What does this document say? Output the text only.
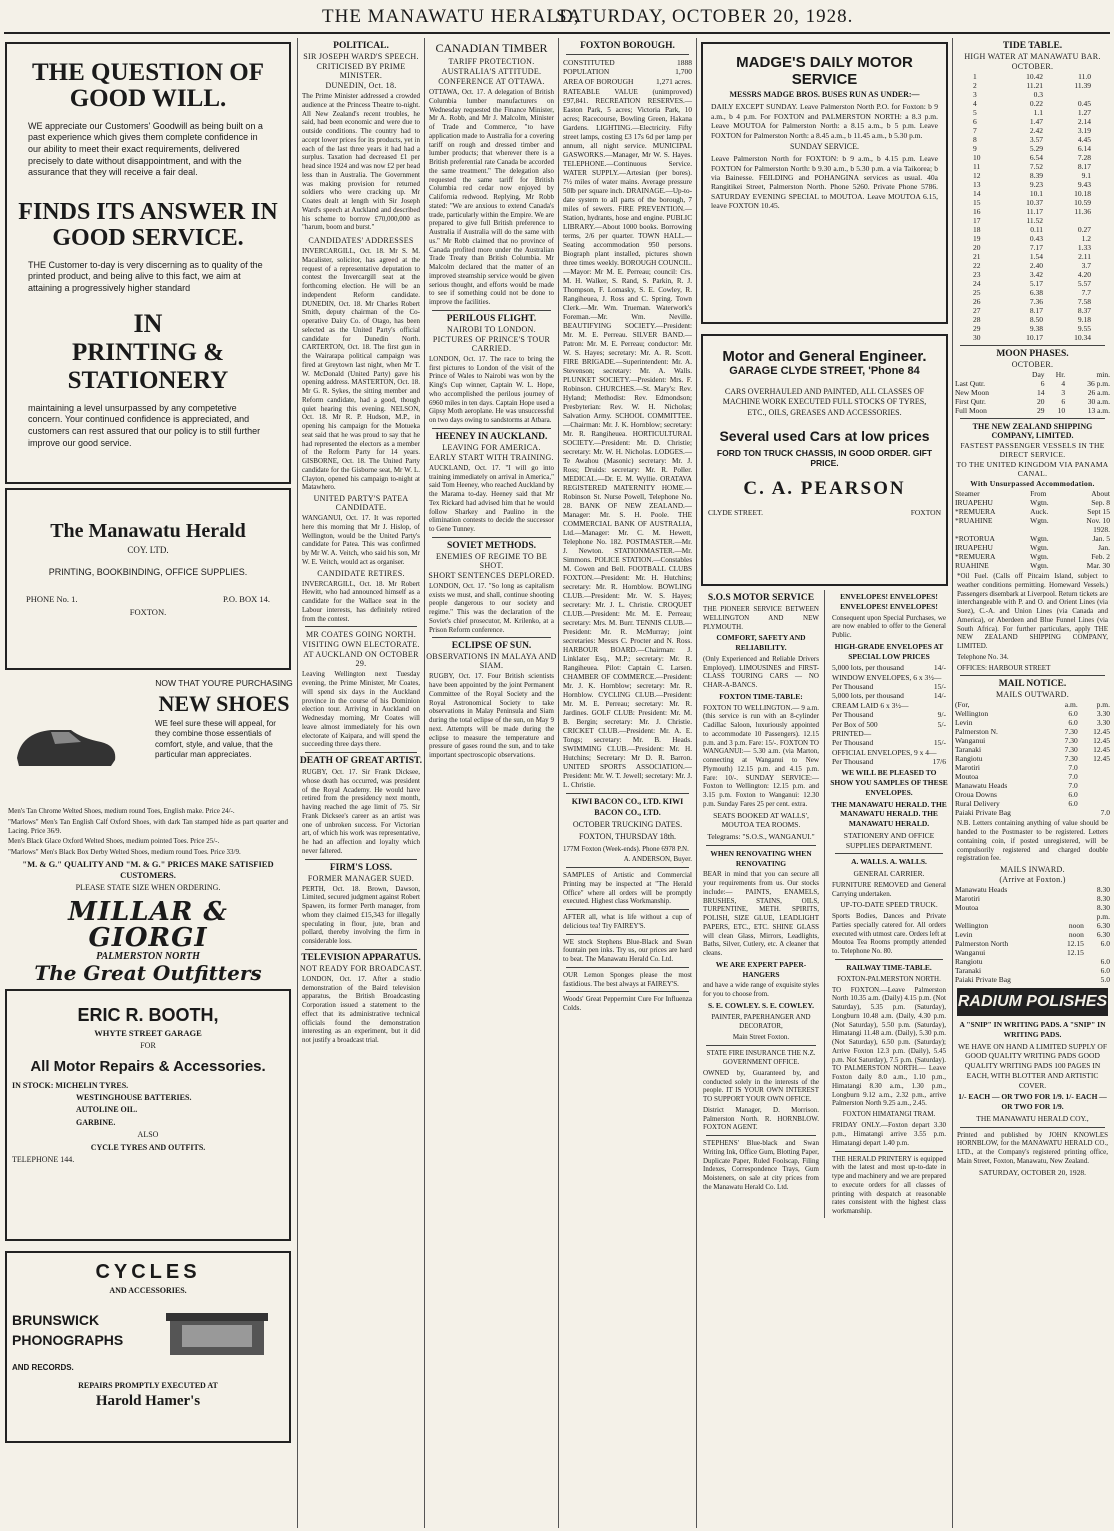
THE MANAWATU HERALD,
SATURDAY, OCTOBER 20, 1928.
THE QUESTION OF GOOD WILL.
WE appreciate our Customers' Goodwill as being built on a past experience which gives them complete confidence in our ability to meet their exact requirements, delivered precisely to date without disappointment, and with the assurance that they will receive a fair deal.
FINDS ITS ANSWER IN GOOD SERVICE.
THE Customer to-day is very discerning as to quality of the printed product, and being alive to this fact, we aim at attaining a progressively higher standard
IN
PRINTING & STATIONERY
maintaining a level unsurpassed by any competetive concern. Your continued confidence is appreciated, and customers can rest assured that our policy is to still further improve our good service.
The Manawatu Herald
COY. LTD.
PRINTING, BOOKBINDING, OFFICE SUPPLIES.
PHONE No. 1.	P.O. BOX 14.
FOXTON.
NOW THAT YOU'RE PURCHASING
NEW SHOES
WE feel sure these will appeal, for they combine those essentials of comfort, style, and value, that the particular man appreciates.
Men's Tan Chrome Welted Shoes, medium round Toes, English make. Price 24/-.
"Marlows" Men's Tan English Calf Oxford Shoes, with dark Tan stamped hide as part quarter and Lacing. Price 36/9.
Men's Black Glace Oxford Welted Shoes, medium pointed Toes. Price 25/-.
"Marlows" Men's Black Box Derby Welted Shoes, medium round Toes. Price 33/9.
"M. & G." QUALITY AND "M. & G." PRICES MAKE SATISFIED CUSTOMERS.
PLEASE STATE SIZE WHEN ORDERING.
MILLAR & GIORGI
PALMERSTON NORTH
The Great Outfitters
ERIC R. BOOTH,
WHYTE STREET GARAGE
FOR
All Motor Repairs & Accessories.
IN STOCK: MICHELIN TYRES.
WESTINGHOUSE BATTERIES.
AUTOLINE OIL.
GARBINE.
ALSO
CYCLE TYRES AND OUTFITS.
TELEPHONE 144.
CYCLES
AND ACCESSORIES.
BRUNSWICK PHONOGRAPHS
AND RECORDS.
REPAIRS PROMPTLY EXECUTED AT
Harold Hamer's
POLITICAL.
SIR JOSEPH WARD'S SPEECH.
CRITICISED BY PRIME MINISTER.
DUNEDIN, Oct. 18.
The Prime Minister addressed a crowded audience at the Princess Theatre to-night. All New Zealand's recent troubles, he said, had been economic and were due to outside conditions. The country had to accept lower prices for its products, yet in each of the last three years it had had a surplus. Taxation had decreased £1 per head since 1924 and was now £2 per head less than in Australia. The Government was making provision for returned soldiers who were cracking up. Mr Coates dealt at length with Sir Joseph Ward's speech at Auckland and described his scheme to borrow £70,000,000 as "harum, boom and burst."
CANDIDATES' ADDRESSES
INVERCARGILL, Oct. 18. Mr S. M. Macalister, solicitor, has agreed at the request of a representative deputation to contest the Invercargill seat at the forthcoming election. He will be an independent Reform candidate. DUNEDIN, Oct. 18. Mr Charles Robert Smith, deputy chairman of the Co-operative Dairy Co. of Otago, has been selected as the United Party's official candidate for Dunedin North. CARTERTON, Oct. 18. The first gun in the Wairarapa political campaign was fired at Greytown last night, when Mr T. W. McDonald (United Party) gave his opening address. MASTERTON, Oct. 18. Mr G. R. Sykes, the sitting member and Reform candidate, had a good, though quiet hearing this evening. NELSON, Oct. 18. Mr R. P. Hudson, M.P., in opening his campaign for the Motueka seat said that he was proud to say that he had represented the electors as a member of the Reform Party for 14 years. GISBORNE, Oct. 18. The United Party candidate for the Gisborne seat, Mr W. L. Clayton, opened his campaign to-night at Matawhero.
UNITED PARTY'S PATEA CANDIDATE.
WANGANUI, Oct. 17. It was reported here this morning that Mr J. Hislop, of Wellington, would be the United Party's candidate for Patea. This was confirmed by Mr W. A. Veitch, who said his son, Mr W. E. Veitch, would act as organiser.
CANDIDATE RETIRES.
INVERCARGILL, Oct. 18. Mr Robert Hewitt, who had announced himself as a candidate for the Wallace seat in the Labour interests, has definitely retired from the contest.
MR COATES GOING NORTH.
VISITING OWN ELECTORATE.
AT AUCKLAND ON OCTOBER 29.
Leaving Wellington next Tuesday evening, the Prime Minister, Mr Coates, will spend six days in the Auckland province in the course of his Dominion election tour. Arriving in Auckland on Wednesday morning, Mr Coates will leave almost immediately for his own electorate of Kaipara, and will spend the succeeding three days there.
DEATH OF GREAT ARTIST.
RUGBY, Oct. 17. Sir Frank Dicksee, whose death has occurred, was president of the Royal Academy. He would have retired from the presidency next month, having reached the age limit of 75. Sir Frank Dicksee's career as an artist was one of unbroken success. For Victorian art, of which his work was representative, he had an affection and loyalty which never faltered.
FIRM'S LOSS.
FORMER MANAGER SUED.
PERTH, Oct. 18. Brown, Dawson, Limited, secured judgment against Robert Spawen, its former Perth manager, from whom they claimed £15,343 for illegally speculating in flour, jute, bran and pollard, thereby involving the firm in considerable loss.
TELEVISION APPARATUS.
NOT READY FOR BROADCAST.
LONDON, Oct. 17. After a studio demonstration of the Baird television apparatus, the British Broadcasting Corporation issued a statement to the effect that its administrative technical officials found the demonstration interesting as an experiment, but it did not justify a broadcast trial.
CANADIAN TIMBER
TARIFF PROTECTION.
AUSTRALIA'S ATTITUDE.
CONFERENCE AT OTTAWA.
OTTAWA, Oct. 17. A delegation of British Columbia lumber manufacturers on Wednesday requested the Finance Minister, Mr A. Robb, and Mr J. Malcolm, Minister of Trade and Commerce, "to have application made to Australia for a covering tariff on rough and dressed timber and lumber products; that wherever there is a British preferential rate Canada be accorded the same treatment." The delegation also requested the same tariff for British Columbia red cedar now enjoyed by California redwood. Replying, Mr Robb stated: "We are anxious to extend Canada's trade, particularly within the Empire. We are prepared to give full British preference to Australia if Australia will do the same with us." Mr Robb claimed that no province of Canada profited more under the Australian Trade Treaty than British Columbia. Mr Malcolm declared that the matter of an improved steamship service would be given serious thought, and efforts would be made to see if something could not be done to improve the facilities.
PERILOUS FLIGHT.
NAIROBI TO LONDON.
PICTURES OF PRINCE'S TOUR CARRIED.
LONDON, Oct. 17. The race to bring the first pictures to London of the visit of the Prince of Wales to Nairobi was won by the King's Cup winner, Captain W. L. Hope, who accomplished the perilous journey of 6960 miles in ten days. Captain Hope used a Gipsy Moth aeroplane. He was unsuccessful on two days owing to sandstorms at Atbara.
HEENEY IN AUCKLAND.
LEAVING FOR AMERICA.
EARLY START WITH TRAINING.
AUCKLAND, Oct. 17. "I will go into training immediately on arrival in America," said Tom Heeney, who reached Auckland by the Marama to-day. Heeney said that Mr Tex Rickard had advised him that he would follow Sharkey and Paulino in the elimination contests to decide the successor to Gene Tunney.
SOVIET METHODS.
ENEMIES OF REGIME TO BE SHOT.
SHORT SENTENCES DEPLORED.
LONDON, Oct. 17. "So long as capitalism exists we must, and shall, continue shooting people dangerous to our society and regime." This was the declaration of the Soviet's chief prosecutor, M. Krilenko, at a Prison Reform conference.
ECLIPSE OF SUN.
OBSERVATIONS IN MALAYA AND SIAM.
RUGBY, Oct. 17. Four British scientists have been appointed by the joint Permanent Committee of the Royal Society and the Royal Astronomical Society to take observations in Malay Peninsula and Siam during the total eclipse of the sun, on May 9 next. Attempts will be made during the eclipse to measure the temperature and pressure of gases round the sun, and to take important spectroscopic observations.
FOXTON BOROUGH.
CONSTITUTED	1888
POPULATION	1,700
AREA OF BOROUGH	1,271 acres.
RATEABLE VALUE (unimproved) £97,841. RECREATION RESERVES.—Easton Park, 5 acres; Victoria Park, 10 acres; Racecourse, Bowling Green, Hakana Gardens. LIGHTING.—Electricity. Fifty street lamps, costing £3 17s 6d per lamp per annum, all night service. MUNICIPAL GASWORKS.—Manager, Mr W. S. Hayes. TELEPHONE.—Continuous Service. WATER SUPPLY.—Artesian (per bores). 7½ miles of water mains. Average pressure 50lb per square inch. DRAINAGE.—Up-to-date system to all parts of the borough, 7 miles of sewers. FIRE PREVENTION.—Station, hydrants, hose and engine. PUBLIC LIBRARY.—About 1000 books. Borrowing terms, 2/6 per quarter. TOWN HALL.—Seating accommodation 950 persons. Biograph plant installed, pictures shown three times weekly. BOROUGH COUNCIL.—Mayor: Mr M. E. Perreau; council: Crs. M. H. Walker, S. Rand, S. Parkin, R. J. Thompson, F. Lomasky, S. E. Cowley, R. Rangiheuea, J. Ross and C. Spring. Town Clerk.—Mr. Wm. Trueman. Waterwork's Foreman.—Mr. Wm. Neville. BEAUTIFYING SOCIETY.—President: Mr. M. E. Perreau. SILVER BAND.—Patron: Mr. M. E. Perreau; conductor: Mr. W. S. Hayes; secretary: Mr. A. R. Scott. FIRE BRIGADE.—Superintendent: Mr. A. Stevenson; secretary: Mr. A. Walls. PLUNKET SOCIETY.—President: Mrs. F. Robinson. CHURCHES.—St. Mary's: Rev. Hyland; Methodist: Rev. Edmondson; Presbyterian: Rev. W. H. Nicholas; Salvation Army. SCHOOL COMMITTEE.—Chairman: Mr. J. K. Hornblow; secretary: Mr. R. Rangiheuea. HORTICULTURAL SOCIETY.—President: Mr. D. Christie; secretary: Mr. W. H. Nicholas. LODGES.—Te Awahou (Masonic) secretary: Mr. J. Ross; Druids: secretary: Mr. R. Poller. MEDICAL.—Dr. E. M. Wyllie. ORATAVA REGISTERED MATERNITY HOME.—Robinson St. Nurse Powell, Telephone No. 28. BANK OF NEW ZEALAND.—Manager: Mr. S. H. Poole. THE COMMERCIAL BANK OF AUSTRALIA, Ltd.—Manager: Mr. C. M. Hewett, Telephone No. 182. POSTMASTER.—Mr. J. Newton. STATIONMASTER.—Mr. Simmons. POLICE STATION.—Constables M. Cowen and Bell. FOOTBALL CLUBS FOXTON.—President: Mr. H. Hutchins; secretary: Mr. R. Hornblow. BOWLING CLUB.—President: Mr. W. S. Hayes; secretary: Mr. J. L. Christie. CROQUET CLUB.—President: Mr. M. E. Perreau; secretary: Mrs. M. Burr. TENNIS CLUB.—President: Mr. R. McMurray; joint secretaries: Messrs C. Procter and N. Ross. HARBOUR BOARD.—Chairman: J. Linklater Esq., M.P.; secretary: Mr. R. Rangiheuea. Pilot: Captain C. Larsen. CHAMBER OF COMMERCE.—President: Mr. J. K. Hornblow; secretary: Mr. R. Hornblow. CYCLING CLUB.—President: Mr. M. E. Perreau; secretary: Mr. R. Jardines. GOLF CLUB: President: Mr. M. B. Bergin; secretary: Mr. J. Christie. CRICKET CLUB.—President: Mr. A. E. Tongs; secretary: Mr. B. Heads. SWIMMING CLUB.—President: Mr. H. Hutchins; Secretary: Mr D. R. Barron. UNITED SPORTS ASSOCIATION.—President: Mr. W. T. Jewell; secretary: Mr. J. L. Christie.
KIWI BACON CO., LTD. KIWI BACON CO., LTD.
OCTOBER TRUCKING DATES.
FOXTON, THURSDAY 18th.
177M Foxton (Week-ends). Phone 6978 P.N.
A. ANDERSON, Buyer.
SAMPLES of Artistic and Commercial Printing may be inspected at "The Herald Office" where all orders will be promptly executed. Highest class Workmanship.
AFTER all, what is life without a cup of delicious tea! Try FAIREY'S.
WE stock Stephens Blue-Black and Swan fountain pen inks. Try us, our prices are hard to beat. The Manawatu Herald Co. Ltd.
OUR Lemon Sponges please the most fastidious. The best always at FAIREY'S.
Woods' Great Peppermint Cure For Influenza Colds.
MADGE'S DAILY MOTOR SERVICE
MESSRS MADGE BROS. BUSES RUN AS UNDER:—
DAILY EXCEPT SUNDAY. Leave Palmerston North P.O. for Foxton: b 9 a.m., b 4 p.m. For FOXTON and PALMERSTON NORTH: a 8.3 p.m. Leave MOUTOA for Palmerston North: a 8.15 a.m., b 5 p.m. Leave FOXTON for Palmerston North: a 8.45 a.m., b 11.45 a.m., b 5.30 p.m.
SUNDAY SERVICE.
Leave Palmerston North for FOXTON: b 9 a.m., b 4.15 p.m. Leave FOXTON for Palmerston North: b 9.30 a.m., b 5.30 p.m. a via Taikorea; b via Bainesse. FEILDING and POHANGINA services as usual. 40a Rangitikei Street, Palmerston North. Phone 5260. Private Phone 5786. SATURDAY EVENING SPECIAL to MOUTOA. Leave MOUTOA 6.15, leave FOXTON 10.45.
Motor and General Engineer.
GARAGE CLYDE STREET, 'Phone 84
CARS OVERHAULED AND PAINTED, ALL CLASSES OF MACHINE WORK EXECUTED FULL STOCKS OF TYRES, ETC., OILS, GREASES AND ACCESSORIES.
Several used Cars at low prices
FORD TON TRUCK CHASSIS, IN GOOD ORDER. GIFT PRICE.
C. A. PEARSON
CLYDE STREET.	FOXTON
S.O.S MOTOR SERVICE
THE PIONEER SERVICE BETWEEN WELLINGTON AND NEW PLYMOUTH.
COMFORT, SAFETY AND RELIABILITY.
(Only Experienced and Reliable Drivers Employed). LIMOUSINES and FIRST-CLASS TOURING CARS — NO CHAR-A-BANCS.
FOXTON TIME-TABLE:
FOXTON TO WELLINGTON.— 9 a.m. (this service is run with an 8-cylinder Cadillac Saloon, luxuriously appointed to accommodate 10 Passengers). 12.15 p.m. and 3 p.m. Fare: 15/-. FOXTON TO WANGANUI:— 5.30 a.m. (via Marton, connecting at Wanganui to New Plymouth) 12.15 p.m. and 4.15 p.m. Fare: 10/-. SUNDAY SERVICE:— Foxton to Wellington: 12.15 p.m. and 3.15 p.m. Foxton to Wanganui: 12.30 p.m. Sunday Fares 25 per cent. extra.
SEATS BOOKED AT WALLS', MOUTOA TEA ROOMS.
Telegrams: "S.O.S., WANGANUI."
WHEN RENOVATING WHEN RENOVATING
BEAR in mind that you can secure all your requirements from us. Our stocks include:— PAINTS, ENAMELS, BRUSHES, STAINS, OILS, TURPENTINE, METH. SPIRITS, POLISH, SIZE GLUE, LEADLIGHT PAPERS, ETC., ETC. SHINE GLASS will clean Glass, Mirrors, Leadlights, Baths, Silver, Cutlery, etc. A cleaner that cleans.
WE ARE EXPERT PAPER-HANGERS
and have a wide range of exquisite styles for you to choose from.
S. E. COWLEY. S. E. COWLEY.
PAINTER, PAPERHANGER AND DECORATOR,
Main Street Foxton.
STATE FIRE INSURANCE THE N.Z. GOVERNMENT OFFICE.
OWNED by, Guaranteed by, and conducted solely in the interests of the people. IT IS YOUR OWN INTEREST TO SUPPORT YOUR OWN OFFICE.
District Manager, D. Morrison. Palmerston North. R. HORNBLOW. FOXTON AGENT.
STEPHENS' Blue-black and Swan Writing Ink, Office Gum, Blotting Paper, Duplicate Paper, Ruled Foolscap, Filing Indexes, Correspondence Trays, Gum Moisteners, on sale at city prices from the Manawatu Herald Co. Ltd.
ENVELOPES! ENVELOPES! ENVELOPES! ENVELOPES!
Consequent upon Special Purchases, we are now enabled to offer to the General Public.
HIGH-GRADE ENVELOPES AT SPECIAL LOW PRICES
5,000 lots, per thousand	14/-
WINDOW ENVELOPES, 6 x 3½—
Per Thousand	15/-
5,000 lots, per thousand	14/-
CREAM LAID 6 x 3½—
Per Thousand	9/-
Per Box of 500	5/-
PRINTED—
Per Thousand	15/-
OFFICIAL ENVELOPES, 9 x 4—
Per Thousand	17/6
WE WILL BE PLEASED TO SHOW YOU SAMPLES OF THESE ENVELOPES.
THE MANAWATU HERALD. THE MANAWATU HERALD. THE MANAWATU HERALD.
STATIONERY AND OFFICE SUPPLIES DEPARTMENT.
A. WALLS. A. WALLS.
GENERAL CARRIER.
FURNITURE REMOVED and General Carrying undertaken.
UP-TO-DATE SPEED TRUCK.
Sports Bodies, Dances and Private Parties specially catered for. All orders executed with utmost care. Orders left at Moutoa Tea Rooms promptly attended to. Telephone No. 80.
RAILWAY TIME-TABLE.
FOXTON-PALMERSTON NORTH.
TO FOXTON.—Leave Palmerston North 10.35 a.m. (Daily) 4.15 p.m. (Not Saturday), 5.35 p.m. (Saturday), Longburn 10.48 a.m. (Daily, 4.30 p.m. (Not Saturday), 5.50 p.m. (Saturday), Himatangi 11.48 a.m. (Daily), 5.30 p.m. (Not Saturday), 6.50 p.m. (Saturday); Arrive Foxton 12.3 p.m. (Daily), 5.45 p.m. Not Saturday), 7.5 p.m. (Saturday). TO PALMERSTON NORTH.— Leave Foxton daily 8.0 a.m., 1.10 p.m., Himatangi 8.30 a.m., 1.30 p.m., Longburn 9.12 a.m., 2.32 p.m., arrive Palmerston North 9.25 a.m., 2.45.
FOXTON HIMATANGI TRAM.
FRIDAY ONLY.—Foxton depart 3.30 p.m., Himatangi arrive 3.55 p.m. Himatangi depart 1.40 p.m.
THE HERALD PRINTERY is equipped with the latest and most up-to-date in type and machinery and we are prepared to execute orders for all classes of printing with despatch at reasonable rates consistent with the highest class workmanship.
TIDE TABLE.
HIGH WATER AT MANAWATU BAR.
OCTOBER.
1	10.42	11.0
2	11.21	11.39
3	0.3	
4	0.22	0.45
5	1.1	1.27
6	1.47	2.14
7	2.42	3.19
8	3.57	4.45
9	5.29	6.14
10	6.54	7.28
11	7.52	8.17
12	8.39	9.1
13	9.23	9.43
14	10.1	10.18
15	10.37	10.59
16	11.17	11.36
17	11.52	
18	0.11	0.27
19	0.43	1.2
20	7.17	1.33
21	1.54	2.11
22	2.40	3.7
23	3.42	4.20
24	5.17	5.57
25	6.38	7.7
26	7.36	7.58
27	8.17	8.37
28	8.50	9.18
29	9.38	9.55
30	10.17	10.34
MOON PHASES.
OCTOBER.
	Day	Hr.	min.
Last Qutr.	6	4	36 p.m.
New Moon	14	3	26 a.m.
First Qutr.	20	6	30 a.m.
Full Moon	29	10	13 a.m.
THE NEW ZEALAND SHIPPING COMPANY, LIMITED.
FASTEST PASSENGER VESSELS IN THE DIRECT SERVICE.
TO THE UNITED KINGDOM VIA PANAMA CANAL.
With Unsurpassed Accommodation.
Steamer	From	About
IRUAPEHU	Wgtn.	Sep. 8
*REMUERA	Auck.	Sept 15
*RUAHINE	Wgtn.	Nov. 10
		1928.
*ROTORUA	Wgtn.	Jan. 5
IRUAPEHU	Wgtn.	Jan.
*REMUERA	Wgtn.	Feb. 2
RUAHINE	Wgtn.	Mar. 30
*Oil Fuel. (Calls off Pitcairn Island, subject to weather conditions permitting. Homeward Vessels.) Passengers disembark at Liverpool. Return tickets are interchangeable with P. and O. and Orient Lines (via Suez), C.-A. and Union Lines (via Canada and America), or Aberdeen and Blue Funnel Lines (via South Africa). For further particulars, apply THE NEW ZEALAND SHIPPING COMPANY, LIMITED.
Telephone No. 34.
OFFICES: HARBOUR STREET
MAIL NOTICE.
MAILS OUTWARD.
(For,	a.m.	p.m.
Wellington	6.0	3.30
Levin	6.0	3.30
Palmerston N.	7.30	12.45
Wanganui	7.30	12.45
Taranaki	7.30	12.45
Rangiotu	7.30	12.45
Marotiri	7.0	
Moutoa	7.0	
Manawatu Heads	7.0	
Oroua Downs	6.0	
Rural Delivery	6.0	
Paiaki Private Bag		7.0
N.B. Letters containing anything of value should be handed to the Postmaster to be registered. Letters containing coin, if posted unregistered, will be compulsorily registered and charged double registration fee.
MAILS INWARD.
(Arrive at Foxton.)
Manawatu Heads		8.30
Marotiri		8.30
Moutoa		8.30
		p.m.
Wellington	noon	6.30
Levin	noon	6.30
Palmerston North	12.15	6.0
Wanganui	12.15	
Rangiotu		6.0
Taranaki		6.0
Paiaki Private Bag		5.0
RADIUM POLISHES
A "SNIP" IN WRITING PADS. A "SNIP" IN WRITING PADS.
WE HAVE ON HAND A LIMITED SUPPLY OF GOOD QUALITY WRITING PADS GOOD QUALITY WRITING PADS 100 PAGES IN EACH, WITH BLOTTER AND ARTISTIC COVER.
1/- EACH — OR TWO FOR 1/9. 1/- EACH — OR TWO FOR 1/9.
THE MANAWATU HERALD COY.,
Printed and published by JOHN KNOWLES HORNBLOW, for the MANAWATU HERALD CO., LTD., at the Company's registered printing office, Main Street, Foxton, Manawatu, New Zealand.
SATURDAY, OCTOBER 20, 1928.
